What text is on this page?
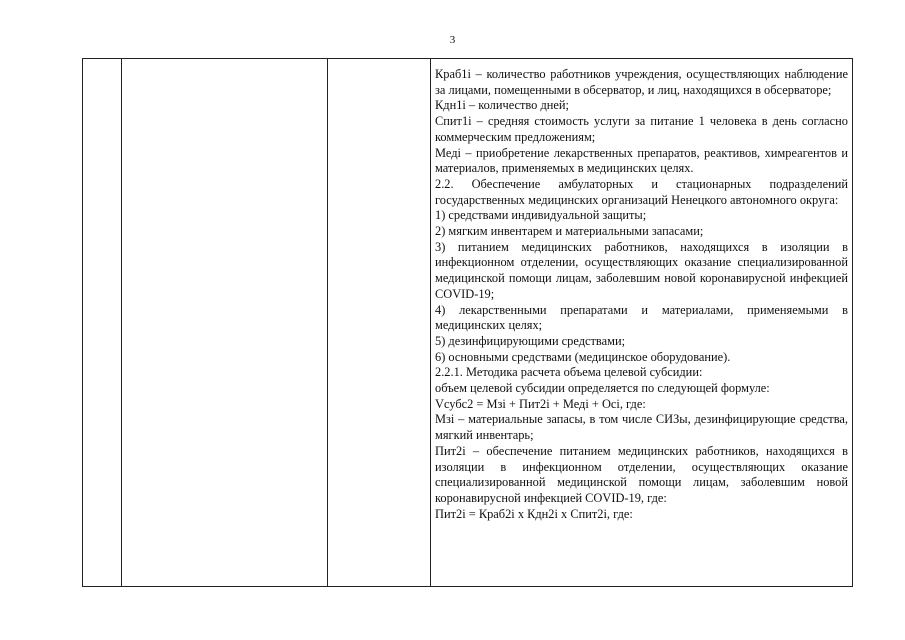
3

Краб1i – количество работников учреждения, осуществляющих наблюдение за лицами, помещенными в обсерватор, и лиц, находящихся в обсерваторе;

Кдн1i – количество дней;

Спит1i – средняя стоимость услуги за питание 1 человека в день согласно коммерческим предложениям;

Медi – приобретение лекарственных препаратов, реактивов, химреагентов и материалов, применяемых в медицинских целях.

2.2. Обеспечение амбулаторных и стационарных подразделений государственных медицинских организаций Ненецкого автономного округа:

1) средствами индивидуальной защиты;

2) мягким инвентарем и материальными запасами;

3) питанием медицинских работников, находящихся в изоляции в инфекционном отделении, осуществляющих оказание специализированной медицинской помощи лицам, заболевшим новой коронавирусной инфекцией COVID-19;

4) лекарственными препаратами и материалами, применяемыми в медицинских целях;

5) дезинфицирующими средствами;

6) основными средствами (медицинское оборудование).

2.2.1. Методика расчета объема целевой субсидии:

объем целевой субсидии определяется по следующей формуле:

Vсубс2 = Мзi + Пит2i + Медi + Осi, где:

Мзi – материальные запасы, в том числе СИЗы, дезинфицирующие средства, мягкий инвентарь;

Пит2i – обеспечение питанием медицинских работников, находящихся в изоляции в инфекционном отделении, осуществляющих оказание специализированной медицинской помощи лицам, заболевшим новой коронавирусной инфекцией COVID-19, где:

Пит2i = Краб2i х Кдн2i х Спит2i, где:
